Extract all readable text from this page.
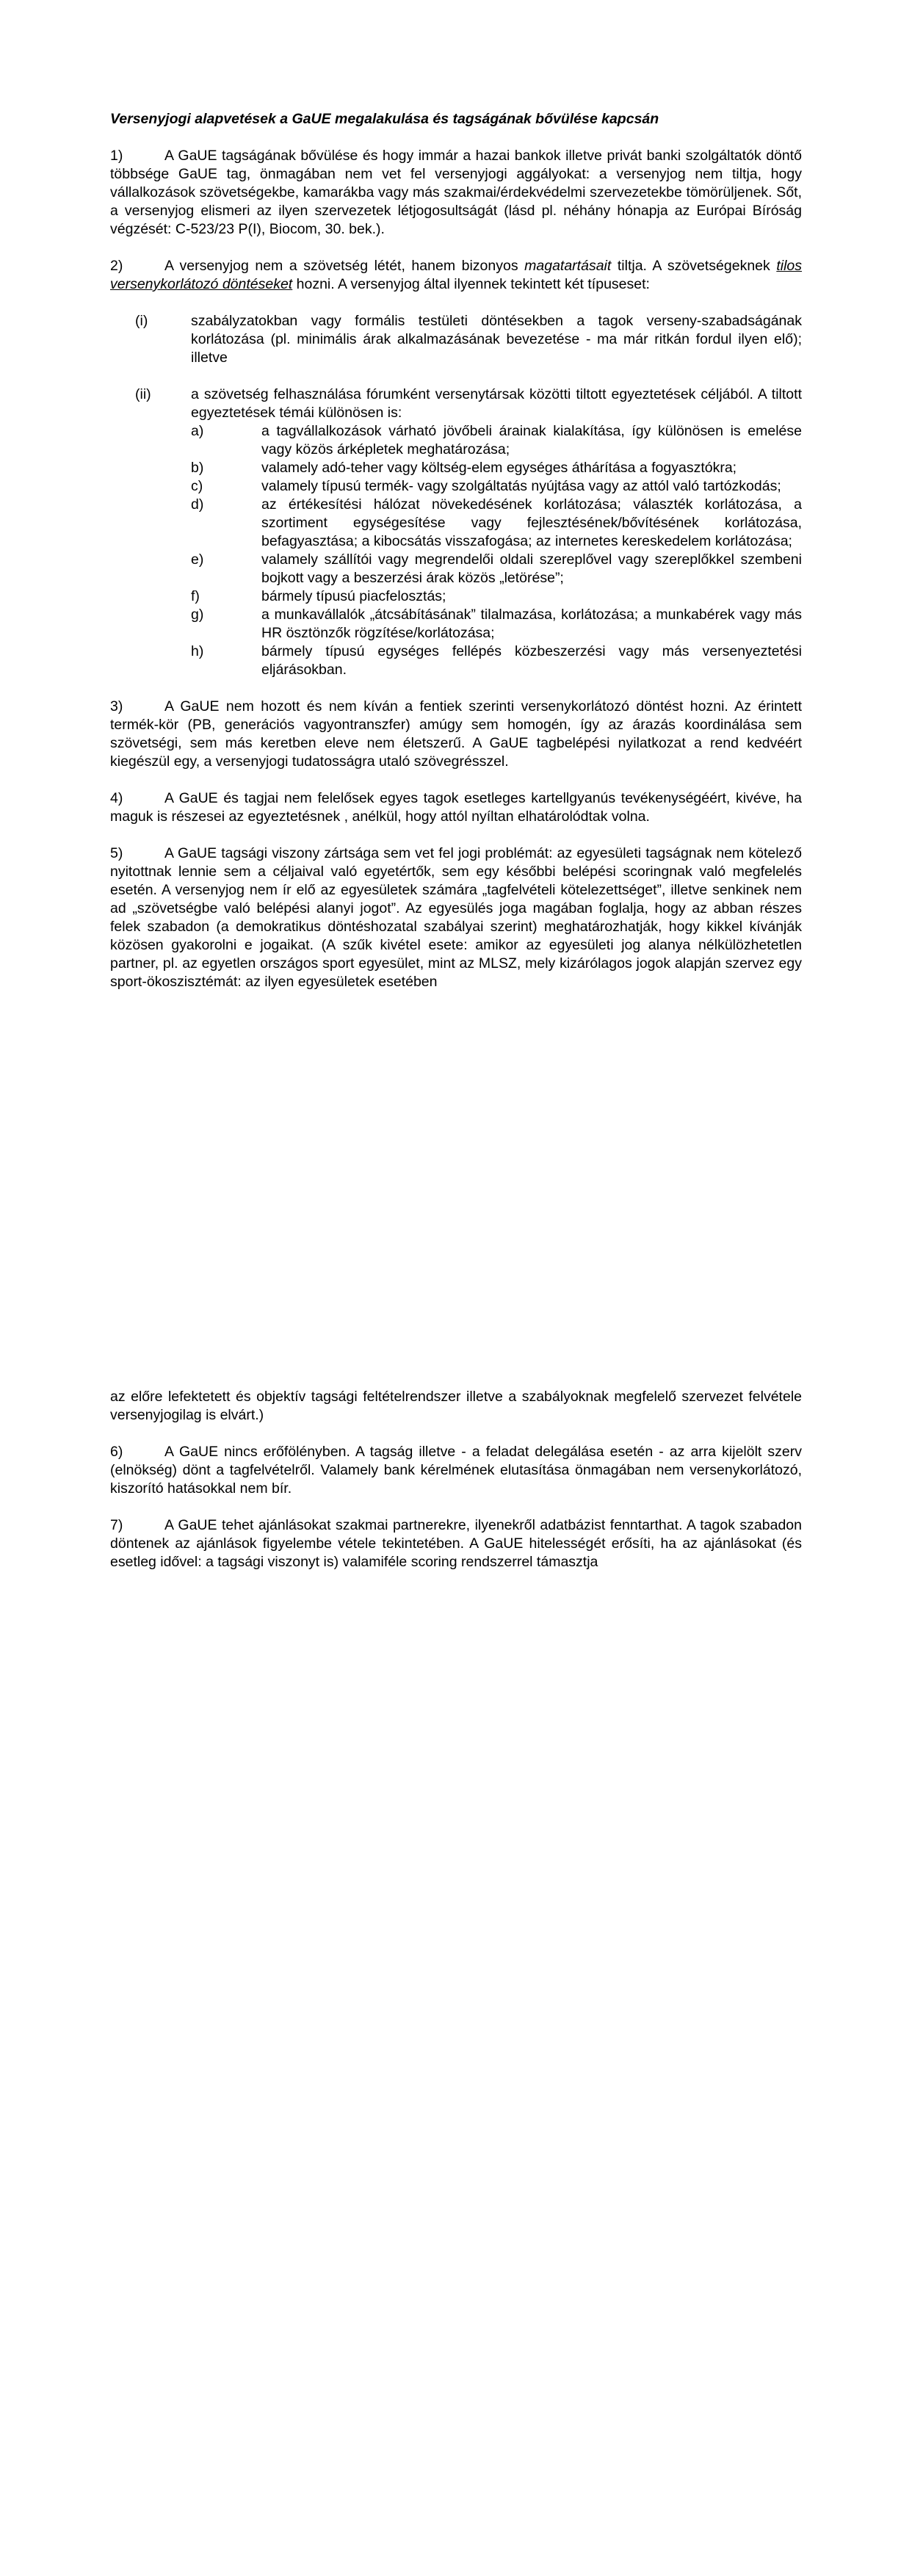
Versenyjogi alapvetések a GaUE megalakulása és tagságának bővülése kapcsán
1)	A GaUE tagságának bővülése és hogy immár a hazai bankok illetve privát banki szolgáltatók döntő többsége GaUE tag, önmagában nem vet fel versenyjogi aggályokat: a versenyjog nem tiltja, hogy vállalkozások szövetségekbe, kamarákba vagy más szakmai/érdekvédelmi szervezetekbe tömörüljenek. Sőt, a versenyjog elismeri az ilyen szervezetek létjogosultságát (lásd pl. néhány hónapja az Európai Bíróság végzését: C-523/23 P(I), Biocom, 30. bek.).
2)	A versenyjog nem a szövetség létét, hanem bizonyos magatartásait tiltja. A szövetségeknek tilos versenykorlátozó döntéseket hozni. A versenyjog által ilyennek tekintett két típuseset:
(i)	szabályzatokban vagy formális testületi döntésekben a tagok verseny-szabadságának korlátozása (pl. minimális árak alkalmazásának bevezetése - ma már ritkán fordul ilyen elő); illetve
(ii)	a szövetség felhasználása fórumként versenytársak közötti tiltott egyeztetések céljából. A tiltott egyeztetések témái különösen is:
a)	a tagvállalkozások várható jövőbeli árainak kialakítása, így különösen is emelése vagy közös árképletek meghatározása;
b)	valamely adó-teher vagy költség-elem egységes áthárítása a fogyasztókra;
c)	valamely típusú termék- vagy szolgáltatás nyújtása vagy az attól való tartózkodás;
d)	az értékesítési hálózat növekedésének korlátozása; választék korlátozása, a szortiment egységesítése vagy fejlesztésének/bővítésének korlátozása, befagyasztása; a kibocsátás visszafogása; az internetes kereskedelem korlátozása;
e)	valamely szállítói vagy megrendelői oldali szereplővel vagy szereplőkkel szembeni bojkott vagy a beszerzési árak közös „letörése”;
f)	bármely típusú piacfelosztás;
g)	a munkavállalók „átcsábításának” tilalmazása, korlátozása; a munkabérek vagy más HR ösztönzők rögzítése/korlátozása;
h)	bármely típusú egységes fellépés közbeszerzési vagy más versenyeztetési eljárásokban.
3)	A GaUE nem hozott és nem kíván a fentiek szerinti versenykorlátozó döntést hozni. Az érintett termék-kör (PB, generációs vagyontranszfer) amúgy sem homogén, így az árazás koordinálása sem szövetségi, sem más keretben eleve nem életszerű. A GaUE tagbelépési nyilatkozat a rend kedvéért kiegészül egy, a versenyjogi tudatosságra utaló szövegrésszel.
4)	A GaUE és tagjai nem felelősek egyes tagok esetleges kartellgyanús tevékenységéért, kivéve, ha maguk is részesei az egyeztetésnek , anélkül, hogy attól nyíltan elhatárolódtak volna.
5)	A GaUE tagsági viszony zártsága sem vet fel jogi problémát: az egyesületi tagságnak nem kötelező nyitottnak lennie sem a céljaival való egyetértők, sem egy későbbi belépési scoringnak való megfelelés esetén. A versenyjog nem ír elő az egyesületek számára „tagfelvételi kötelezettséget”, illetve senkinek nem ad „szövetségbe való belépési alanyi jogot”. Az egyesülés joga magában foglalja, hogy az abban részes felek szabadon (a demokratikus döntéshozatal szabályai szerint) meghatározhatják, hogy kikkel kívánják közösen gyakorolni e jogaikat. (A szűk kivétel esete: amikor az egyesületi jog alanya nélkülözhetetlen partner, pl. az egyetlen országos sport egyesület, mint az MLSZ, mely kizárólagos jogok alapján szervez egy sport-ökoszisztémát: az ilyen egyesületek esetében
az előre lefektetett és objektív tagsági feltételrendszer illetve a szabályoknak megfelelő szervezet felvétele versenyjogilag is elvárt.)
6)	A GaUE nincs erőfölényben. A tagság illetve - a feladat delegálása esetén - az arra kijelölt szerv (elnökség) dönt a tagfelvételről. Valamely bank kérelmének elutasítása önmagában nem versenykorlátozó, kiszorító hatásokkal nem bír.
7)	A GaUE tehet ajánlásokat szakmai partnerekre, ilyenekről adatbázist fenntarthat. A tagok szabadon döntenek az ajánlások figyelembe vétele tekintetében. A GaUE hitelességét erősíti, ha az ajánlásokat (és esetleg idővel: a tagsági viszonyt is) valamiféle scoring rendszerrel támasztja
